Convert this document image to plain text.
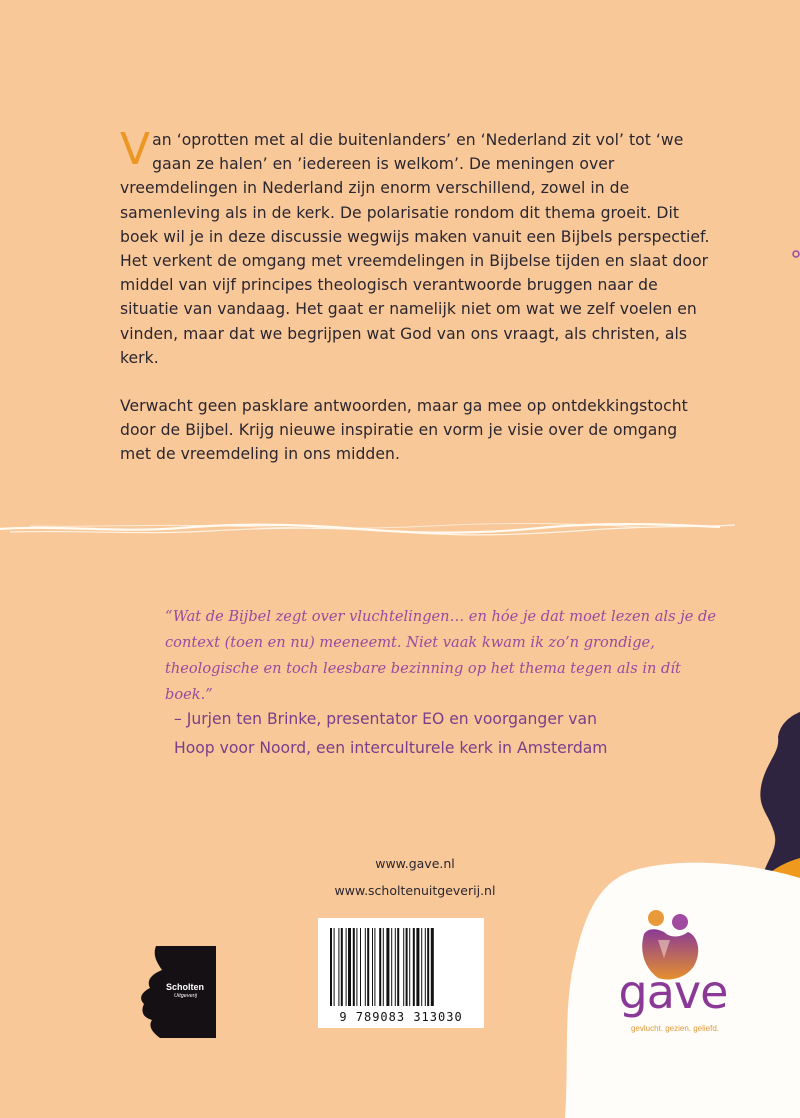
Van ‘oprotten met al die buitenlanders’ en ‘Nederland zit vol’ tot ‘we gaan ze halen’ en ’iedereen is welkom’. De meningen over vreemdelingen in Nederland zijn enorm verschillend, zowel in de samenleving als in de kerk. De polarisatie rondom dit thema groeit. Dit boek wil je in deze discussie wegwijs maken vanuit een Bijbels perspectief. Het verkent de omgang met vreemdelingen in Bijbelse tijden en slaat door middel van vijf principes theologisch verantwoorde bruggen naar de situatie van vandaag. Het gaat er namelijk niet om wat we zelf voelen en vinden, maar dat we begrijpen wat God van ons vraagt, als christen, als kerk.

Verwacht geen pasklare antwoorden, maar ga mee op ontdekkingstocht door de Bijbel. Krijg nieuwe inspiratie en vorm je visie over de omgang met de vreemdeling in ons midden.

“Wat de Bijbel zegt over vluchtelingen… en hóe je dat moet lezen als je de context (toen en nu) meeneemt. Niet vaak kwam ik zo’n grondige, theologische en toch leesbare bezinning op het thema tegen als in dít boek.”
– Jurjen ten Brinke, presentator EO en voorganger van
Hoop voor Noord, een interculturele kerk in Amsterdam
www.gave.nl
www.scholtenuitgeverij.nl
9 789083 313030
Scholten
Uitgeverij	gave
gevlucht. gezien. geliefd.
